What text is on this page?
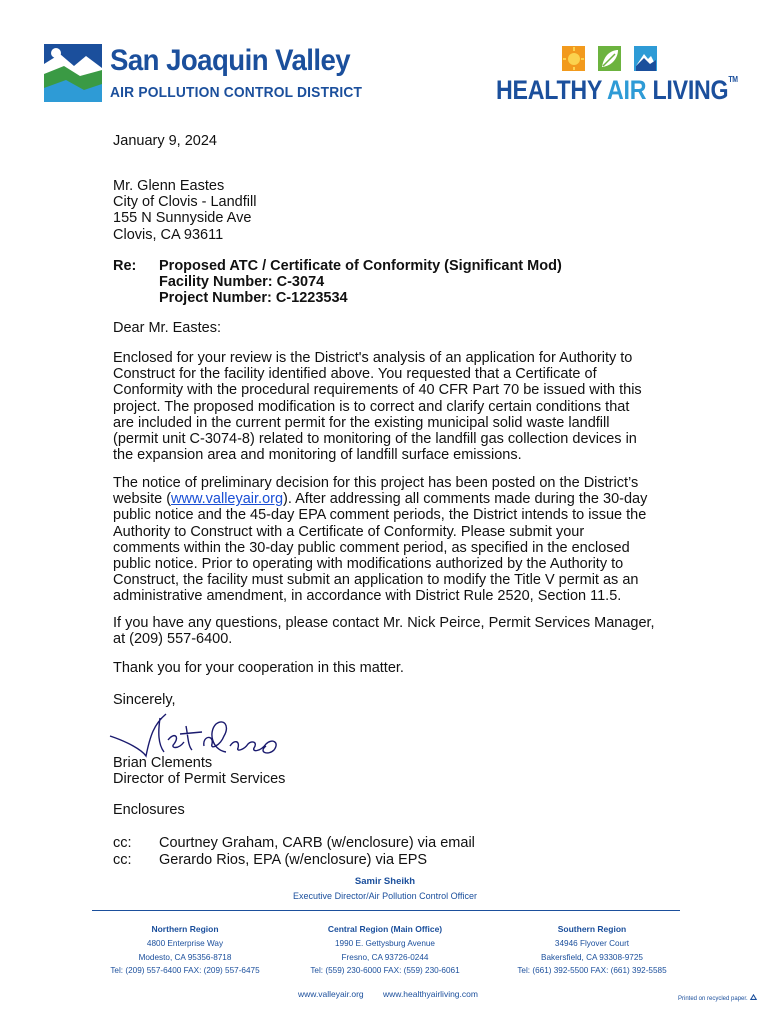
San Joaquin Valley
AIR POLLUTION CONTROL DISTRICT	HEALTHY AIR LIVING™
January 9, 2024
Mr. Glenn Eastes
City of Clovis - Landfill
155 N Sunnyside Ave
Clovis, CA 93611
Re: Proposed ATC / Certificate of Conformity (Significant Mod)
Facility Number: C-3074
Project Number: C-1223534
Dear Mr. Eastes:
Enclosed for your review is the District's analysis of an application for Authority to
Construct for the facility identified above. You requested that a Certificate of
Conformity with the procedural requirements of 40 CFR Part 70 be issued with this
project. The proposed modification is to correct and clarify certain conditions that
are included in the current permit for the existing municipal solid waste landfill
(permit unit C-3074-8) related to monitoring of the landfill gas collection devices in
the expansion area and monitoring of landfill surface emissions.
The notice of preliminary decision for this project has been posted on the District’s
website (www.valleyair.org). After addressing all comments made during the 30-day
public notice and the 45-day EPA comment periods, the District intends to issue the
Authority to Construct with a Certificate of Conformity. Please submit your
comments within the 30-day public comment period, as specified in the enclosed
public notice. Prior to operating with modifications authorized by the Authority to
Construct, the facility must submit an application to modify the Title V permit as an
administrative amendment, in accordance with District Rule 2520, Section 11.5.
If you have any questions, please contact Mr. Nick Peirce, Permit Services Manager,
at (209) 557-6400.
Thank you for your cooperation in this matter.
Sincerely,
Brian Clements
Director of Permit Services
Enclosures
cc: Courtney Graham, CARB (w/enclosure) via email
cc: Gerardo Rios, EPA (w/enclosure) via EPS
Samir Sheikh
Executive Director/Air Pollution Control Officer
Northern Region
4800 Enterprise Way
Modesto, CA 95356-8718
Tel: (209) 557-6400 FAX: (209) 557-6475
Central Region (Main Office)
1990 E. Gettysburg Avenue
Fresno, CA 93726-0244
Tel: (559) 230-6000 FAX: (559) 230-6061
Southern Region
34946 Flyover Court
Bakersfield, CA 93308-9725
Tel: (661) 392-5500 FAX: (661) 392-5585
www.valleyair.org www.healthyairliving.com
Printed on recycled paper.
